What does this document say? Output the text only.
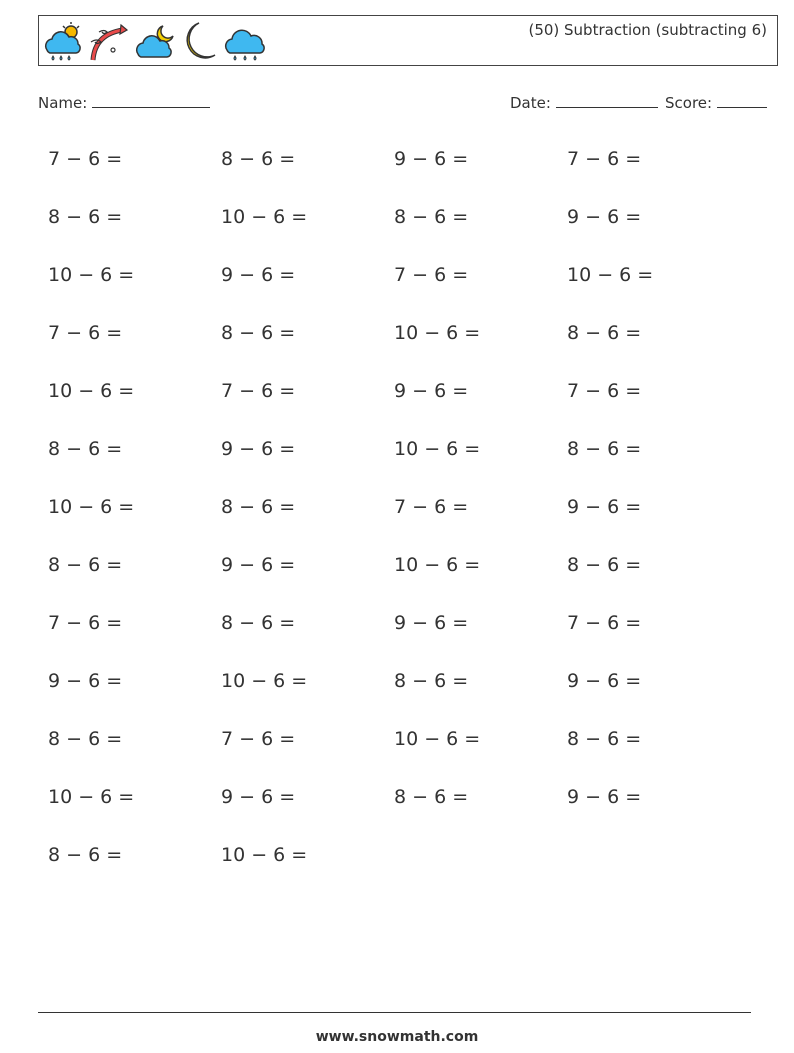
(50) Subtraction (subtracting 6)
Name:	Date:	Score:
7 − 6 =	8 − 6 =	9 − 6 =	7 − 6 =
8 − 6 =	10 − 6 =	8 − 6 =	9 − 6 =
10 − 6 =	9 − 6 =	7 − 6 =	10 − 6 =
7 − 6 =	8 − 6 =	10 − 6 =	8 − 6 =
10 − 6 =	7 − 6 =	9 − 6 =	7 − 6 =
8 − 6 =	9 − 6 =	10 − 6 =	8 − 6 =
10 − 6 =	8 − 6 =	7 − 6 =	9 − 6 =
8 − 6 =	9 − 6 =	10 − 6 =	8 − 6 =
7 − 6 =	8 − 6 =	9 − 6 =	7 − 6 =
9 − 6 =	10 − 6 =	8 − 6 =	9 − 6 =
8 − 6 =	7 − 6 =	10 − 6 =	8 − 6 =
10 − 6 =	9 − 6 =	8 − 6 =	9 − 6 =
8 − 6 =	10 − 6 =
www.snowmath.com
